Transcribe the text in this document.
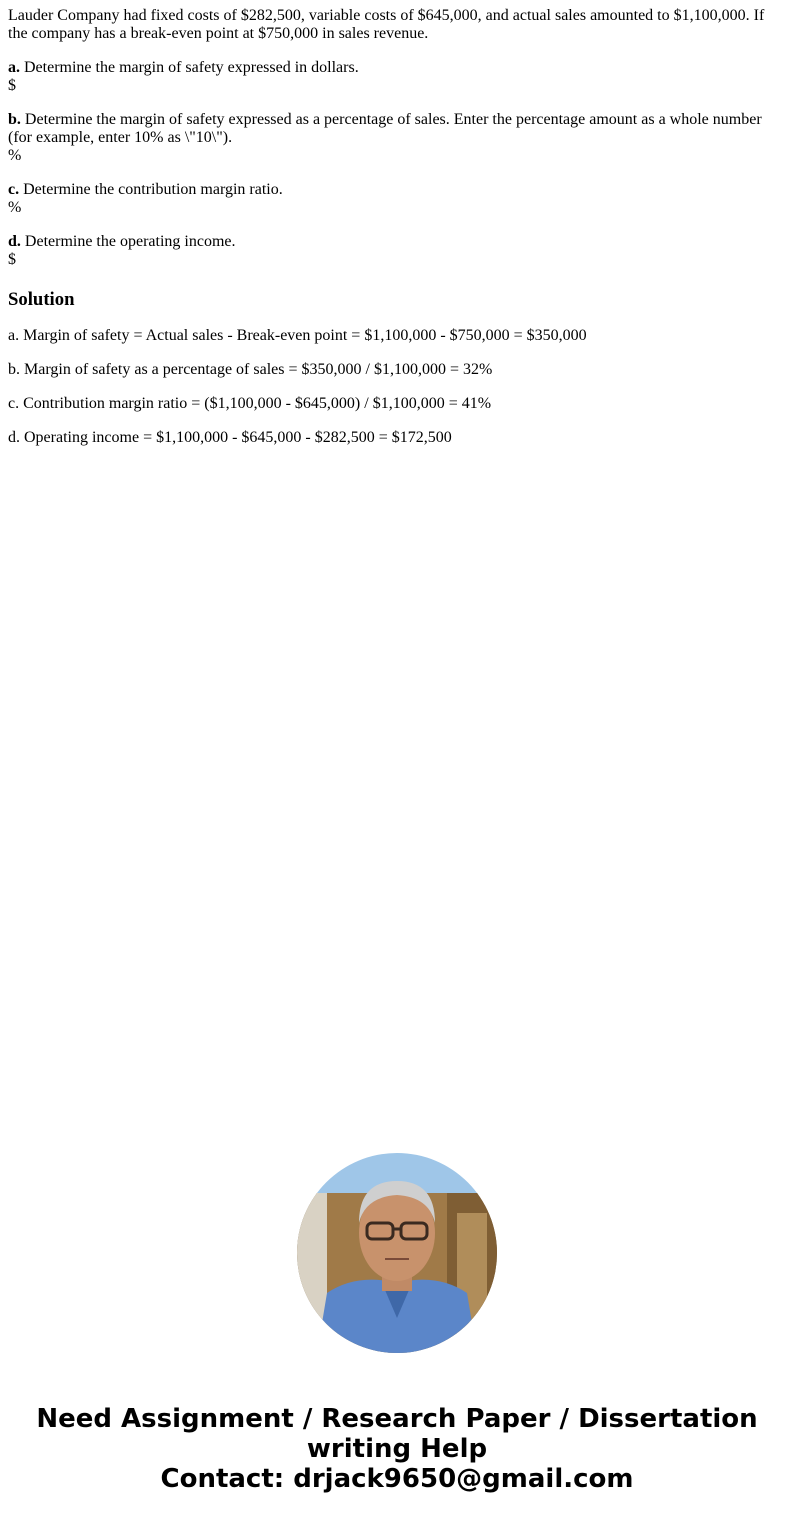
Lauder Company had fixed costs of $282,500, variable costs of $645,000, and actual sales amounted to $1,100,000. If the company has a break-even point at $750,000 in sales revenue.

a. Determine the margin of safety expressed in dollars.
$

b. Determine the margin of safety expressed as a percentage of sales. Enter the percentage amount as a whole number (for example, enter 10% as \"10\").
%

c. Determine the contribution margin ratio.
%

d. Determine the operating income.
$

Solution

a. Margin of safety = Actual sales - Break-even point = $1,100,000 - $750,000 = $350,000

b. Margin of safety as a percentage of sales = $350,000 / $1,100,000 = 32%

c. Contribution margin ratio = ($1,100,000 - $645,000) / $1,100,000 = 41%

d. Operating income = $1,100,000 - $645,000 - $282,500 = $172,500

Need Assignment / Research Paper / Dissertation
writing Help
Contact: drjack9650@gmail.com
